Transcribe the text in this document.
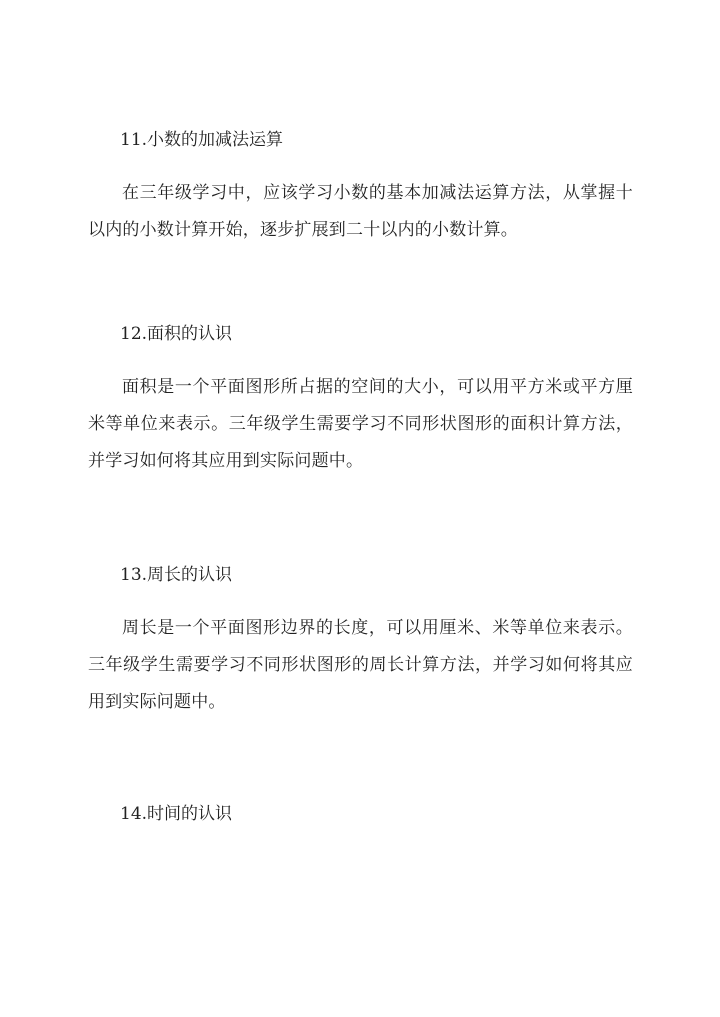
11.小数的加减法运算
在三年级学习中，应该学习小数的基本加减法运算方法，从掌握十以内的小数计算开始，逐步扩展到二十以内的小数计算。
12.面积的认识
面积是一个平面图形所占据的空间的大小，可以用平方米或平方厘米等单位来表示。三年级学生需要学习不同形状图形的面积计算方法，并学习如何将其应用到实际问题中。
13.周长的认识
周长是一个平面图形边界的长度，可以用厘米、米等单位来表示。三年级学生需要学习不同形状图形的周长计算方法，并学习如何将其应用到实际问题中。
14.时间的认识
